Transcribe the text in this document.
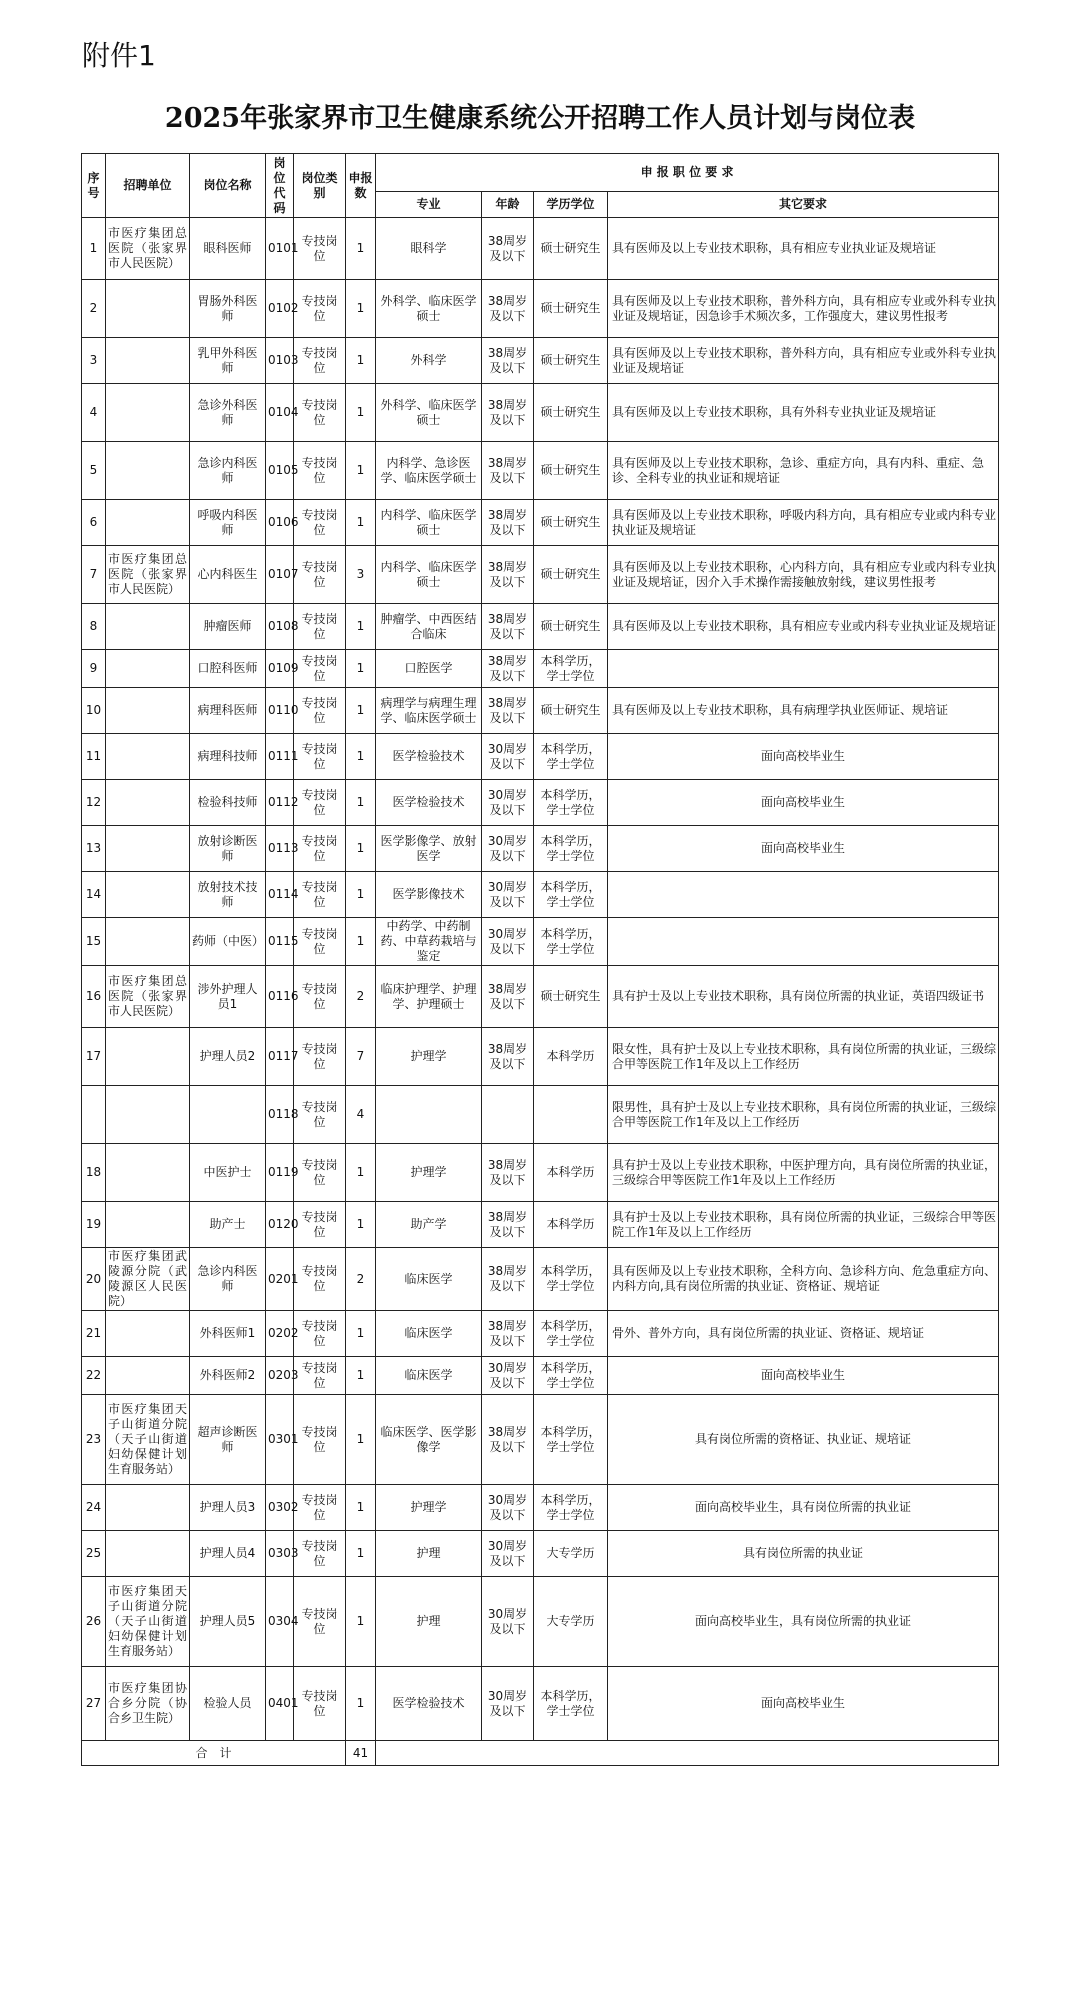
附件1
2025年张家界市卫生健康系统公开招聘工作人员计划与岗位表
序号	招聘单位	岗位名称	岗位代码	岗位类别	申报数	申 报 职 位 要 求			
						专业	年龄	学历学位	其它要求
1	市医疗集团总医院（张家界市人民医院）	眼科医师	0101	专技岗位	1	眼科学	38周岁及以下	硕士研究生	具有医师及以上专业技术职称，具有相应专业执业证及规培证
2		胃肠外科医师	0102	专技岗位	1	外科学、临床医学硕士	38周岁及以下	硕士研究生	具有医师及以上专业技术职称，普外科方向，具有相应专业或外科专业执业证及规培证，因急诊手术频次多，工作强度大，建议男性报考
3		乳甲外科医师	0103	专技岗位	1	外科学	38周岁及以下	硕士研究生	具有医师及以上专业技术职称，普外科方向，具有相应专业或外科专业执业证及规培证
4		急诊外科医师	0104	专技岗位	1	外科学、临床医学硕士	38周岁及以下	硕士研究生	具有医师及以上专业技术职称，具有外科专业执业证及规培证
5		急诊内科医师	0105	专技岗位	1	内科学、急诊医学、临床医学硕士	38周岁及以下	硕士研究生	具有医师及以上专业技术职称，急诊、重症方向，具有内科、重症、急诊、全科专业的执业证和规培证
6		呼吸内科医师	0106	专技岗位	1	内科学、临床医学硕士	38周岁及以下	硕士研究生	具有医师及以上专业技术职称，呼吸内科方向，具有相应专业或内科专业执业证及规培证
7	市医疗集团总医院（张家界市人民医院）	心内科医生	0107	专技岗位	3	内科学、临床医学硕士	38周岁及以下	硕士研究生	具有医师及以上专业技术职称，心内科方向，具有相应专业或内科专业执业证及规培证，因介入手术操作需接触放射线，建议男性报考
8		肿瘤医师	0108	专技岗位	1	肿瘤学、中西医结合临床	38周岁及以下	硕士研究生	具有医师及以上专业技术职称，具有相应专业或内科专业执业证及规培证
9		口腔科医师	0109	专技岗位	1	口腔医学	38周岁及以下	本科学历，学士学位	
10		病理科医师	0110	专技岗位	1	病理学与病理生理学、临床医学硕士	38周岁及以下	硕士研究生	具有医师及以上专业技术职称，具有病理学执业医师证、规培证
11		病理科技师	0111	专技岗位	1	医学检验技术	30周岁及以下	本科学历，学士学位	面向高校毕业生
12		检验科技师	0112	专技岗位	1	医学检验技术	30周岁及以下	本科学历，学士学位	面向高校毕业生
13		放射诊断医师	0113	专技岗位	1	医学影像学、放射医学	30周岁及以下	本科学历，学士学位	面向高校毕业生
14		放射技术技师	0114	专技岗位	1	医学影像技术	30周岁及以下	本科学历，学士学位	
15		药师（中医）	0115	专技岗位	1	中药学、中药制药、中草药栽培与鉴定	30周岁及以下	本科学历，学士学位	
16	市医疗集团总医院（张家界市人民医院）	涉外护理人员1	0116	专技岗位	2	临床护理学、护理学、护理硕士	38周岁及以下	硕士研究生	具有护士及以上专业技术职称，具有岗位所需的执业证，英语四级证书
17		护理人员2	0117	专技岗位	7	护理学	38周岁及以下	本科学历	限女性，具有护士及以上专业技术职称，具有岗位所需的执业证，三级综合甲等医院工作1年及以上工作经历
			0118	专技岗位	4				限男性，具有护士及以上专业技术职称，具有岗位所需的执业证，三级综合甲等医院工作1年及以上工作经历
18		中医护士	0119	专技岗位	1	护理学	38周岁及以下	本科学历	具有护士及以上专业技术职称，中医护理方向，具有岗位所需的执业证，三级综合甲等医院工作1年及以上工作经历
19		助产士	0120	专技岗位	1	助产学	38周岁及以下	本科学历	具有护士及以上专业技术职称，具有岗位所需的执业证，三级综合甲等医院工作1年及以上工作经历
20	市医疗集团武陵源分院（武陵源区人民医院）	急诊内科医师	0201	专技岗位	2	临床医学	38周岁及以下	本科学历，学士学位	具有医师及以上专业技术职称，全科方向、急诊科方向、危急重症方向、内科方向,具有岗位所需的执业证、资格证、规培证
21		外科医师1	0202	专技岗位	1	临床医学	38周岁及以下	本科学历，学士学位	骨外、普外方向，具有岗位所需的执业证、资格证、规培证
22		外科医师2	0203	专技岗位	1	临床医学	30周岁及以下	本科学历，学士学位	面向高校毕业生
23	市医疗集团天子山街道分院（天子山街道妇幼保健计划生育服务站）	超声诊断医师	0301	专技岗位	1	临床医学、医学影像学	38周岁及以下	本科学历，学士学位	具有岗位所需的资格证、执业证、规培证
24		护理人员3	0302	专技岗位	1	护理学	30周岁及以下	本科学历，学士学位	面向高校毕业生，具有岗位所需的执业证
25		护理人员4	0303	专技岗位	1	护理	30周岁及以下	大专学历	具有岗位所需的执业证
26	市医疗集团天子山街道分院（天子山街道妇幼保健计划生育服务站）	护理人员5	0304	专技岗位	1	护理	30周岁及以下	大专学历	面向高校毕业生，具有岗位所需的执业证
27	市医疗集团协合乡分院（协合乡卫生院）	检验人员	0401	专技岗位	1	医学检验技术	30周岁及以下	本科学历，学士学位	面向高校毕业生
合　计					41				
